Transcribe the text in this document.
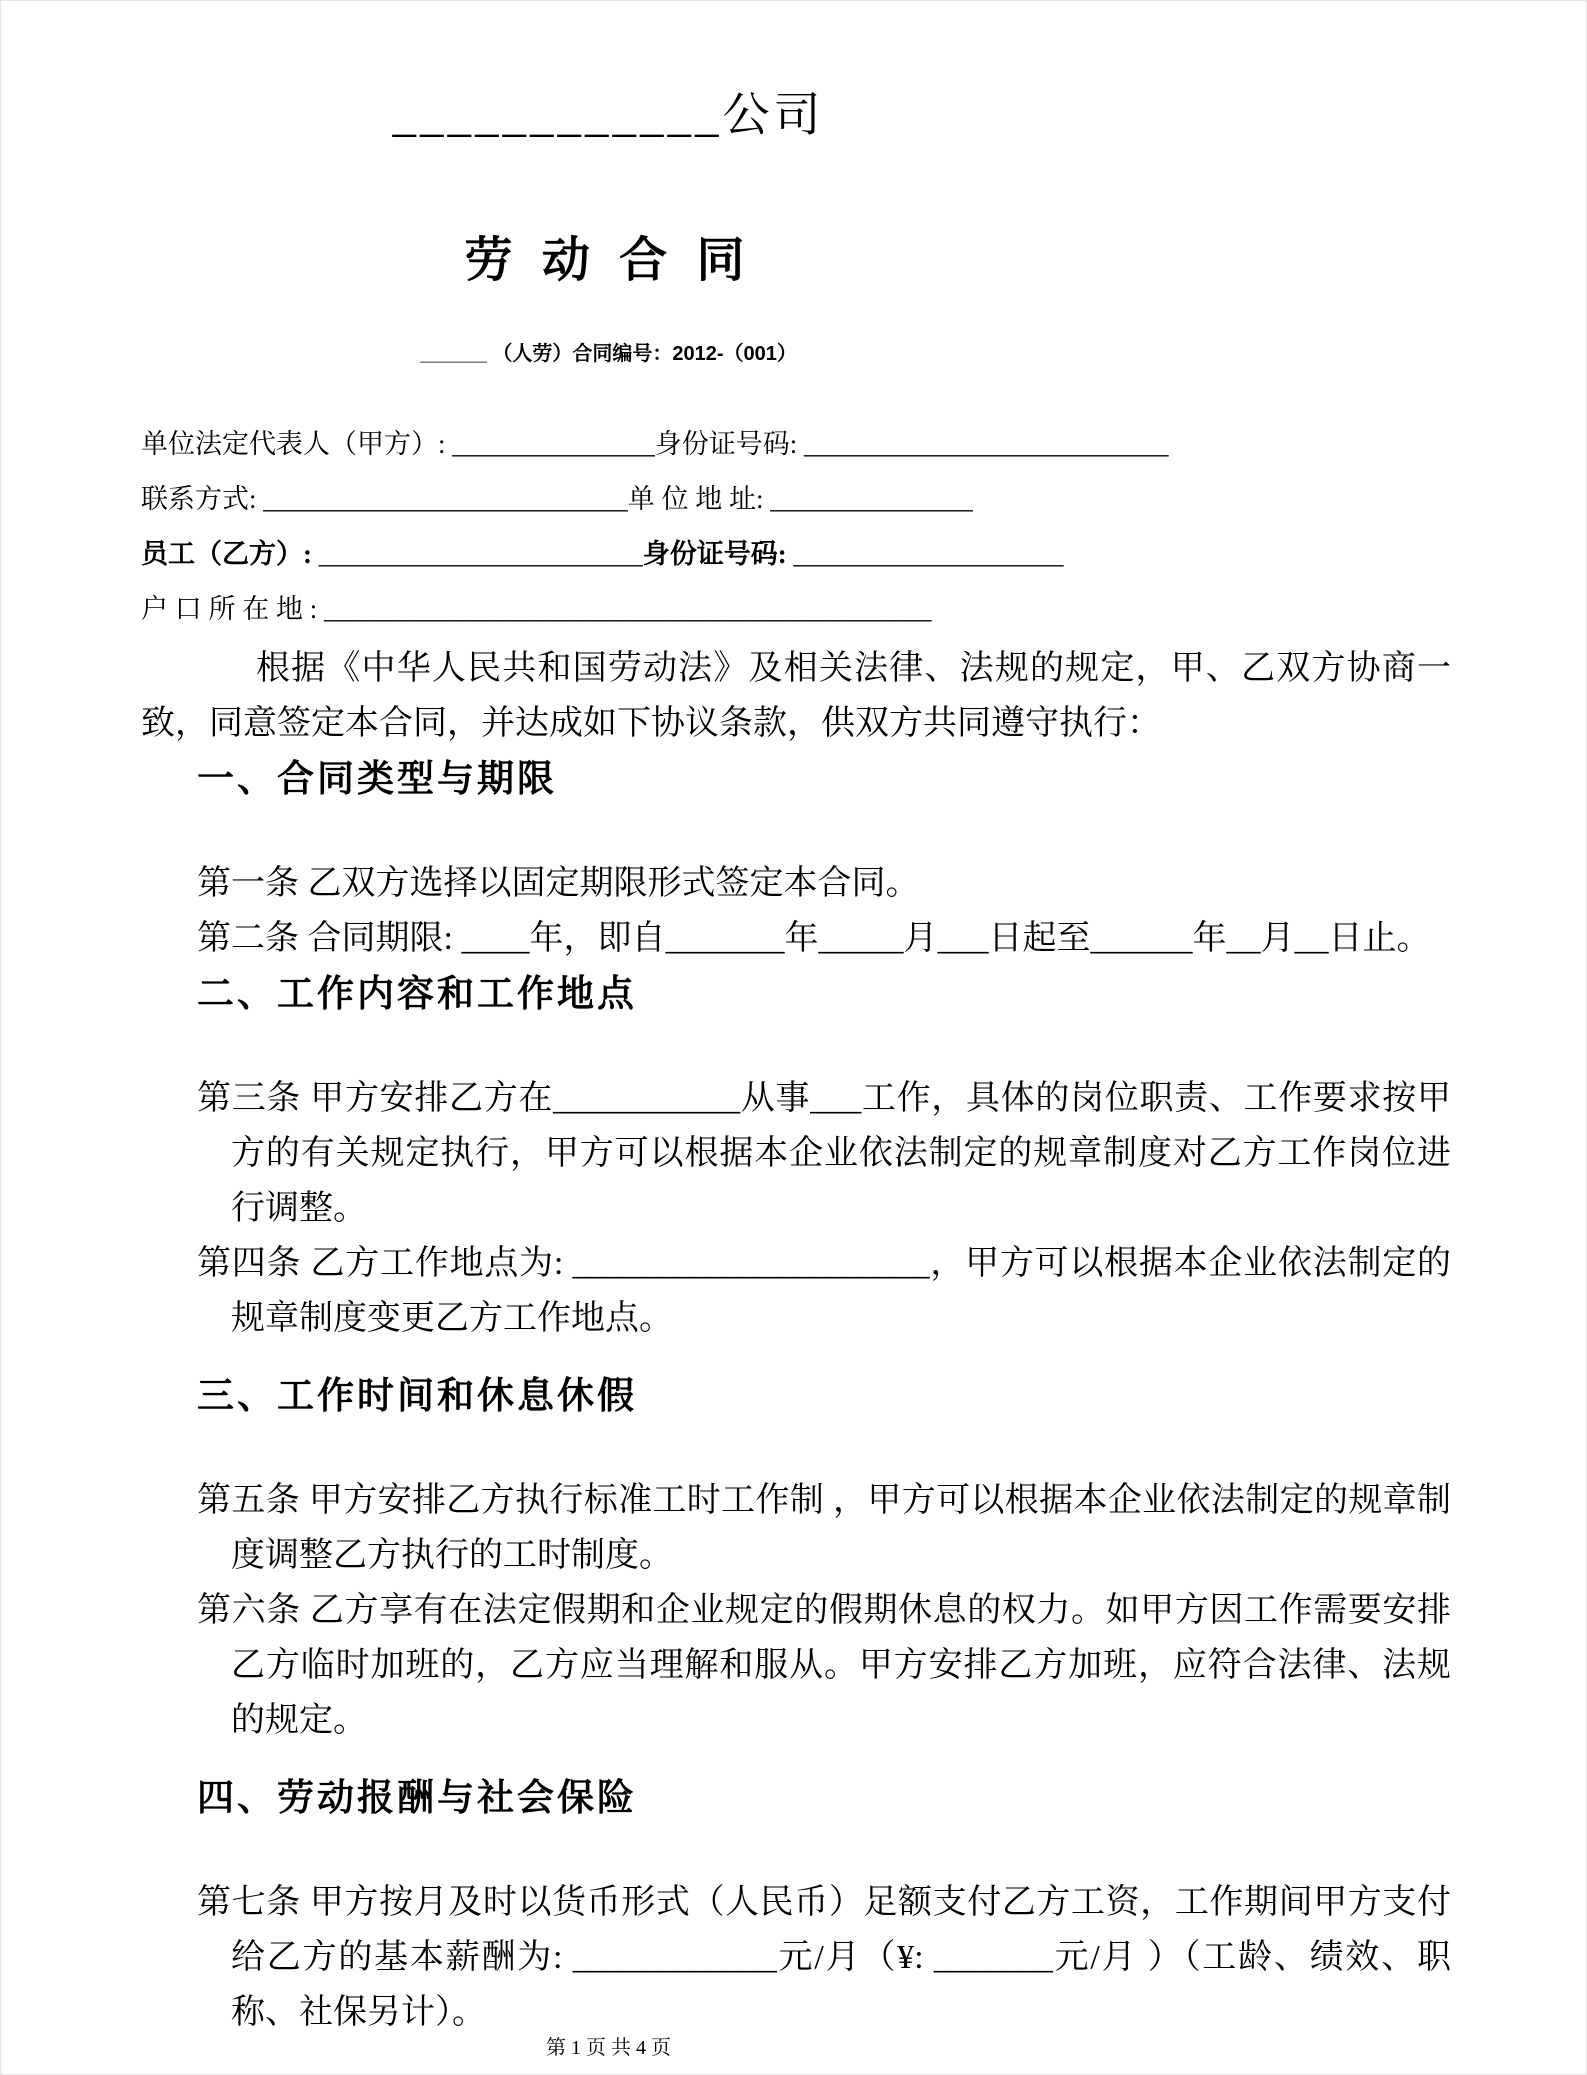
____________公司
劳 动 合 同
______ （人劳）合同编号：2012-（001）
单位法定代表人（甲方）: _______________身份证号码: ___________________________
联系方式: ___________________________单 位 地 址: _______________
员工（乙方）: ________________________身份证号码: ____________________
户 口 所 在 地 : _____________________________________________

根据《中华人民共和国劳动法》及相关法律、法规的规定，甲、乙双方协商一致，同意签定本合同，并达成如下协议条款，供双方共同遵守执行：

一、合同类型与期限

第一条 乙双方选择以固定期限形式签定本合同。

第二条 合同期限: ____年，即自_______年_____月___日起至______年__月__日止。

二、工作内容和工作地点

第三条 甲方安排乙方在___________从事___工作，具体的岗位职责、工作要求按甲方的有关规定执行，甲方可以根据本企业依法制定的规章制度对乙方工作岗位进行调整。

第四条 乙方工作地点为: _____________________，甲方可以根据本企业依法制定的规章制度变更乙方工作地点。

三、工作时间和休息休假

第五条 甲方安排乙方执行标准工时工作制 ，甲方可以根据本企业依法制定的规章制度调整乙方执行的工时制度。

第六条 乙方享有在法定假期和企业规定的假期休息的权力。如甲方因工作需要安排乙方临时加班的，乙方应当理解和服从。甲方安排乙方加班，应符合法律、法规的规定。

四、劳动报酬与社会保险

第七条 甲方按月及时以货币形式（人民币）足额支付乙方工资，工作期间甲方支付给乙方的基本薪酬为: ____________元/月（¥: _______元/月 ）（工龄、绩效、职称、社保另计）。

第 1 页 共 4 页
